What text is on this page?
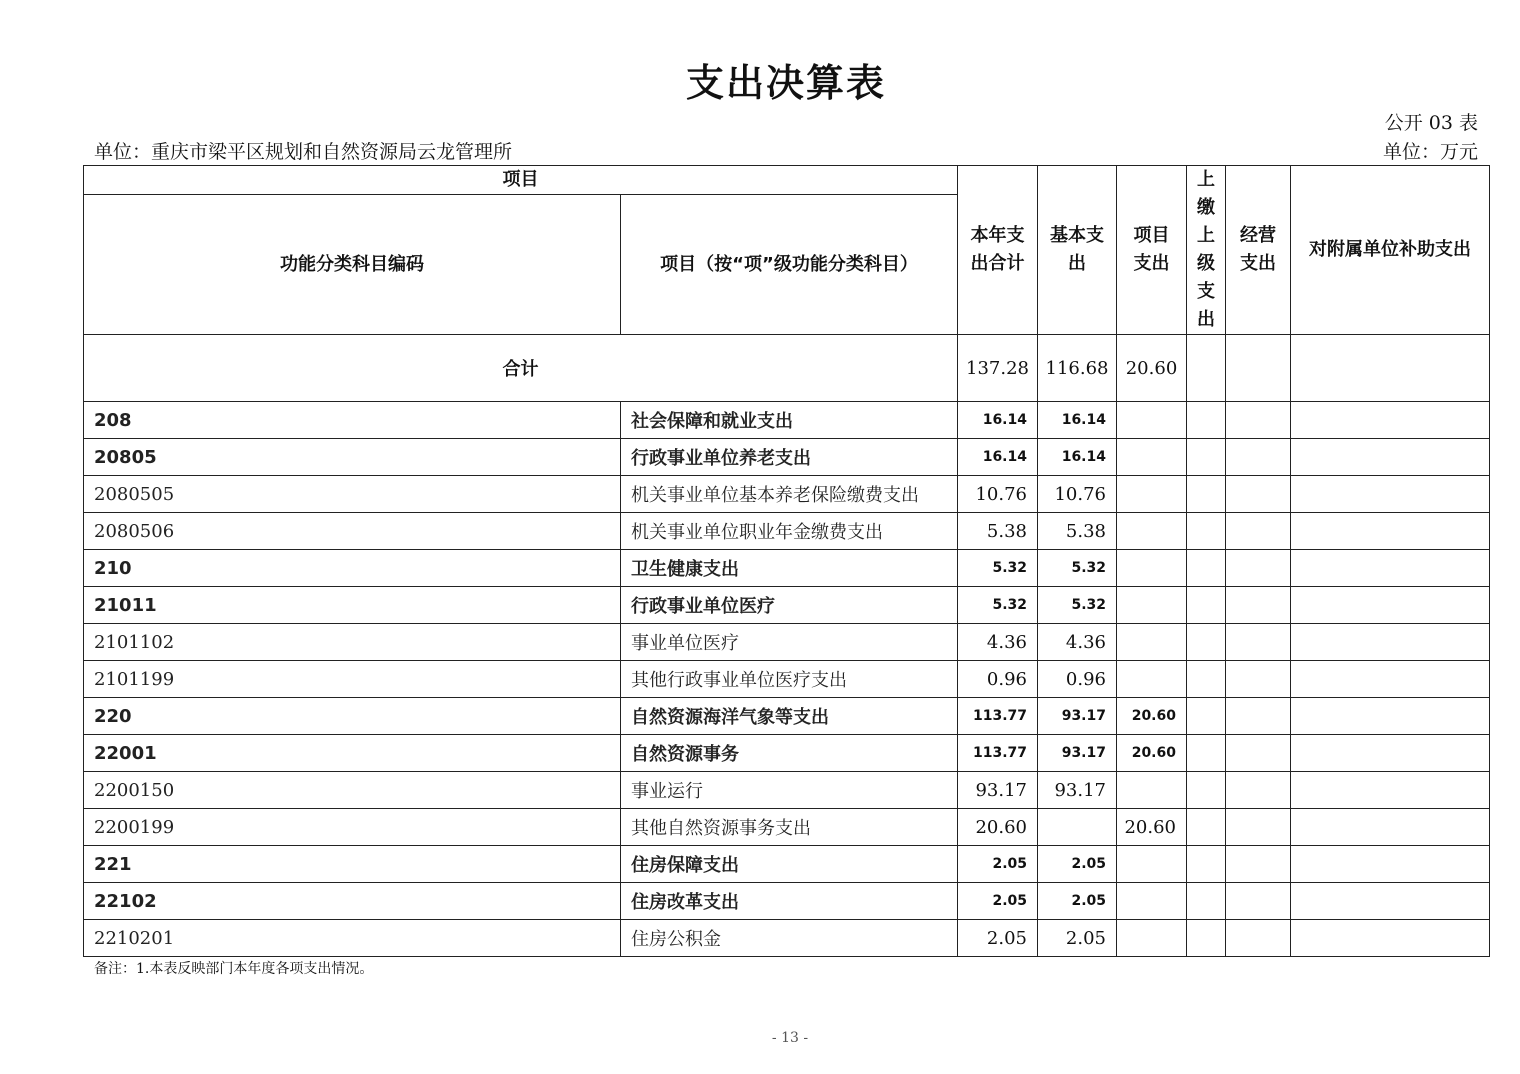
支出决算表
公开 03 表
单位：重庆市梁平区规划和自然资源局云龙管理所	单位：万元
项目		本年支出合计	基本支出	项目支出	上缴上级支出	经营支出	对附属单位补助支出
功能分类科目编码	项目（按“项”级功能分类科目）						
合计		137.28	116.68	20.60			
208	社会保障和就业支出	16.14	16.14				
20805	行政事业单位养老支出	16.14	16.14				
2080505	机关事业单位基本养老保险缴费支出	10.76	10.76				
2080506	机关事业单位职业年金缴费支出	5.38	5.38				
210	卫生健康支出	5.32	5.32				
21011	行政事业单位医疗	5.32	5.32				
2101102	事业单位医疗	4.36	4.36				
2101199	其他行政事业单位医疗支出	0.96	0.96				
220	自然资源海洋气象等支出	113.77	93.17	20.60			
22001	自然资源事务	113.77	93.17	20.60			
2200150	事业运行	93.17	93.17				
2200199	其他自然资源事务支出	20.60		20.60			
221	住房保障支出	2.05	2.05				
22102	住房改革支出	2.05	2.05				
2210201	住房公积金	2.05	2.05				
备注：1.本表反映部门本年度各项支出情况。
- 13 -
